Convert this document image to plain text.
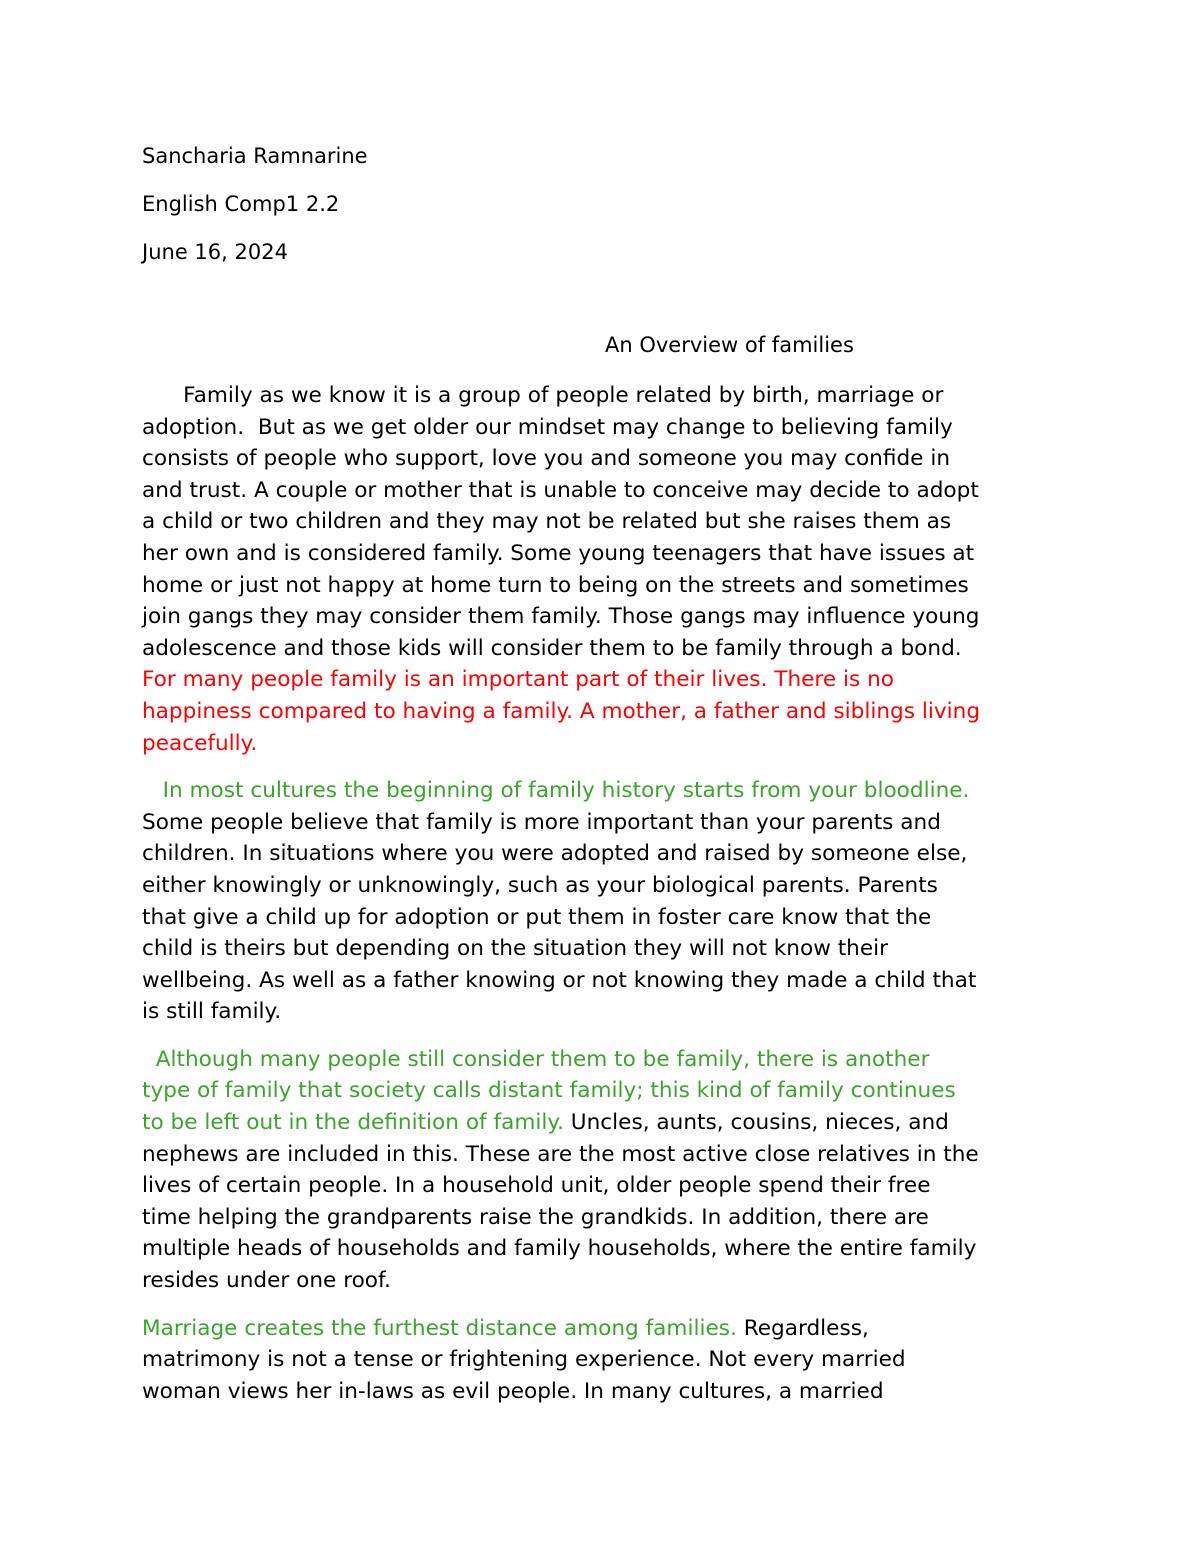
Sancharia Ramnarine

English Comp1 2.2

June 16, 2024

An Overview of families

Family as we know it is a group of people related by birth, marriage or
adoption.  But as we get older our mindset may change to believing family
consists of people who support, love you and someone you may confide in
and trust. A couple or mother that is unable to conceive may decide to adopt
a child or two children and they may not be related but she raises them as
her own and is considered family. Some young teenagers that have issues at
home or just not happy at home turn to being on the streets and sometimes
join gangs they may consider them family. Those gangs may influence young
adolescence and those kids will consider them to be family through a bond.
For many people family is an important part of their lives. There is no
happiness compared to having a family. A mother, a father and siblings living
peacefully.

In most cultures the beginning of family history starts from your bloodline.
Some people believe that family is more important than your parents and
children. In situations where you were adopted and raised by someone else,
either knowingly or unknowingly, such as your biological parents. Parents
that give a child up for adoption or put them in foster care know that the
child is theirs but depending on the situation they will not know their
wellbeing. As well as a father knowing or not knowing they made a child that
is still family.

Although many people still consider them to be family, there is another
type of family that society calls distant family; this kind of family continues
to be left out in the definition of family. Uncles, aunts, cousins, nieces, and
nephews are included in this. These are the most active close relatives in the
lives of certain people. In a household unit, older people spend their free
time helping the grandparents raise the grandkids. In addition, there are
multiple heads of households and family households, where the entire family
resides under one roof.

Marriage creates the furthest distance among families. Regardless,
matrimony is not a tense or frightening experience. Not every married
woman views her in-laws as evil people. In many cultures, a married
